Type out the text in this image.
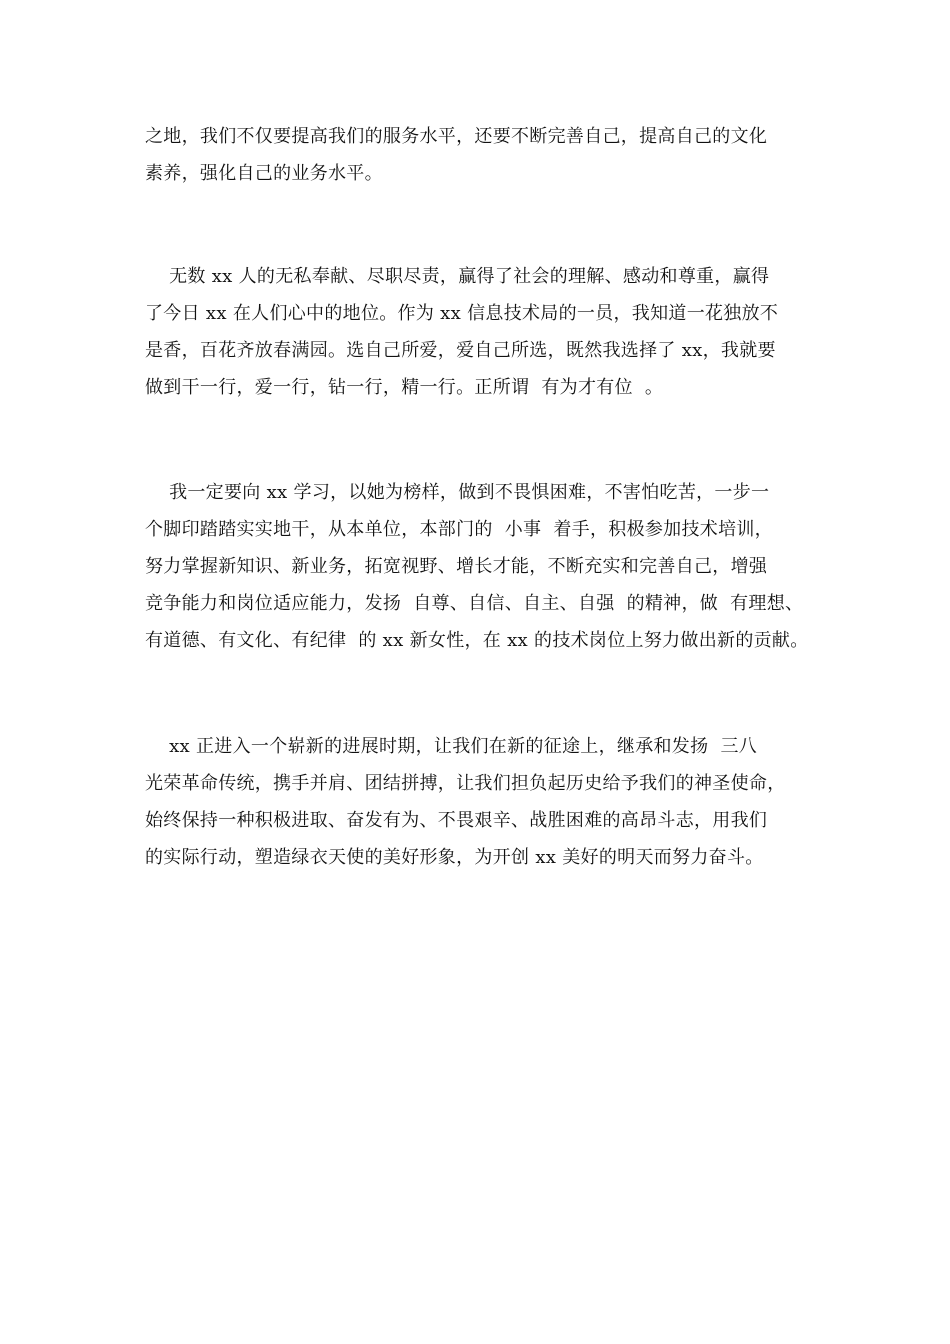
之地，我们不仅要提高我们的服务水平，还要不断完善自己，提高自己的文化
素养，强化自己的业务水平。
无数 xx 人的无私奉献、尽职尽责，赢得了社会的理解、感动和尊重，赢得
了今日 xx 在人们心中的地位。作为 xx 信息技术局的一员，我知道一花独放不
是香，百花齐放春满园。选自己所爱，爱自己所选，既然我选择了 xx，我就要
做到干一行，爱一行，钻一行，精一行。正所谓  有为才有位  。
我一定要向 xx 学习，以她为榜样，做到不畏惧困难，不害怕吃苦，一步一
个脚印踏踏实实地干，从本单位，本部门的  小事  着手，积极参加技术培训，
努力掌握新知识、新业务，拓宽视野、增长才能，不断充实和完善自己，增强
竞争能力和岗位适应能力，发扬  自尊、自信、自主、自强  的精神，做  有理想、
有道德、有文化、有纪律  的 xx 新女性，在 xx 的技术岗位上努力做出新的贡献。
xx 正进入一个崭新的进展时期，让我们在新的征途上，继承和发扬  三八
光荣革命传统，携手并肩、团结拼搏，让我们担负起历史给予我们的神圣使命，
始终保持一种积极进取、奋发有为、不畏艰辛、战胜困难的高昂斗志，用我们
的实际行动，塑造绿衣天使的美好形象，为开创 xx 美好的明天而努力奋斗。
